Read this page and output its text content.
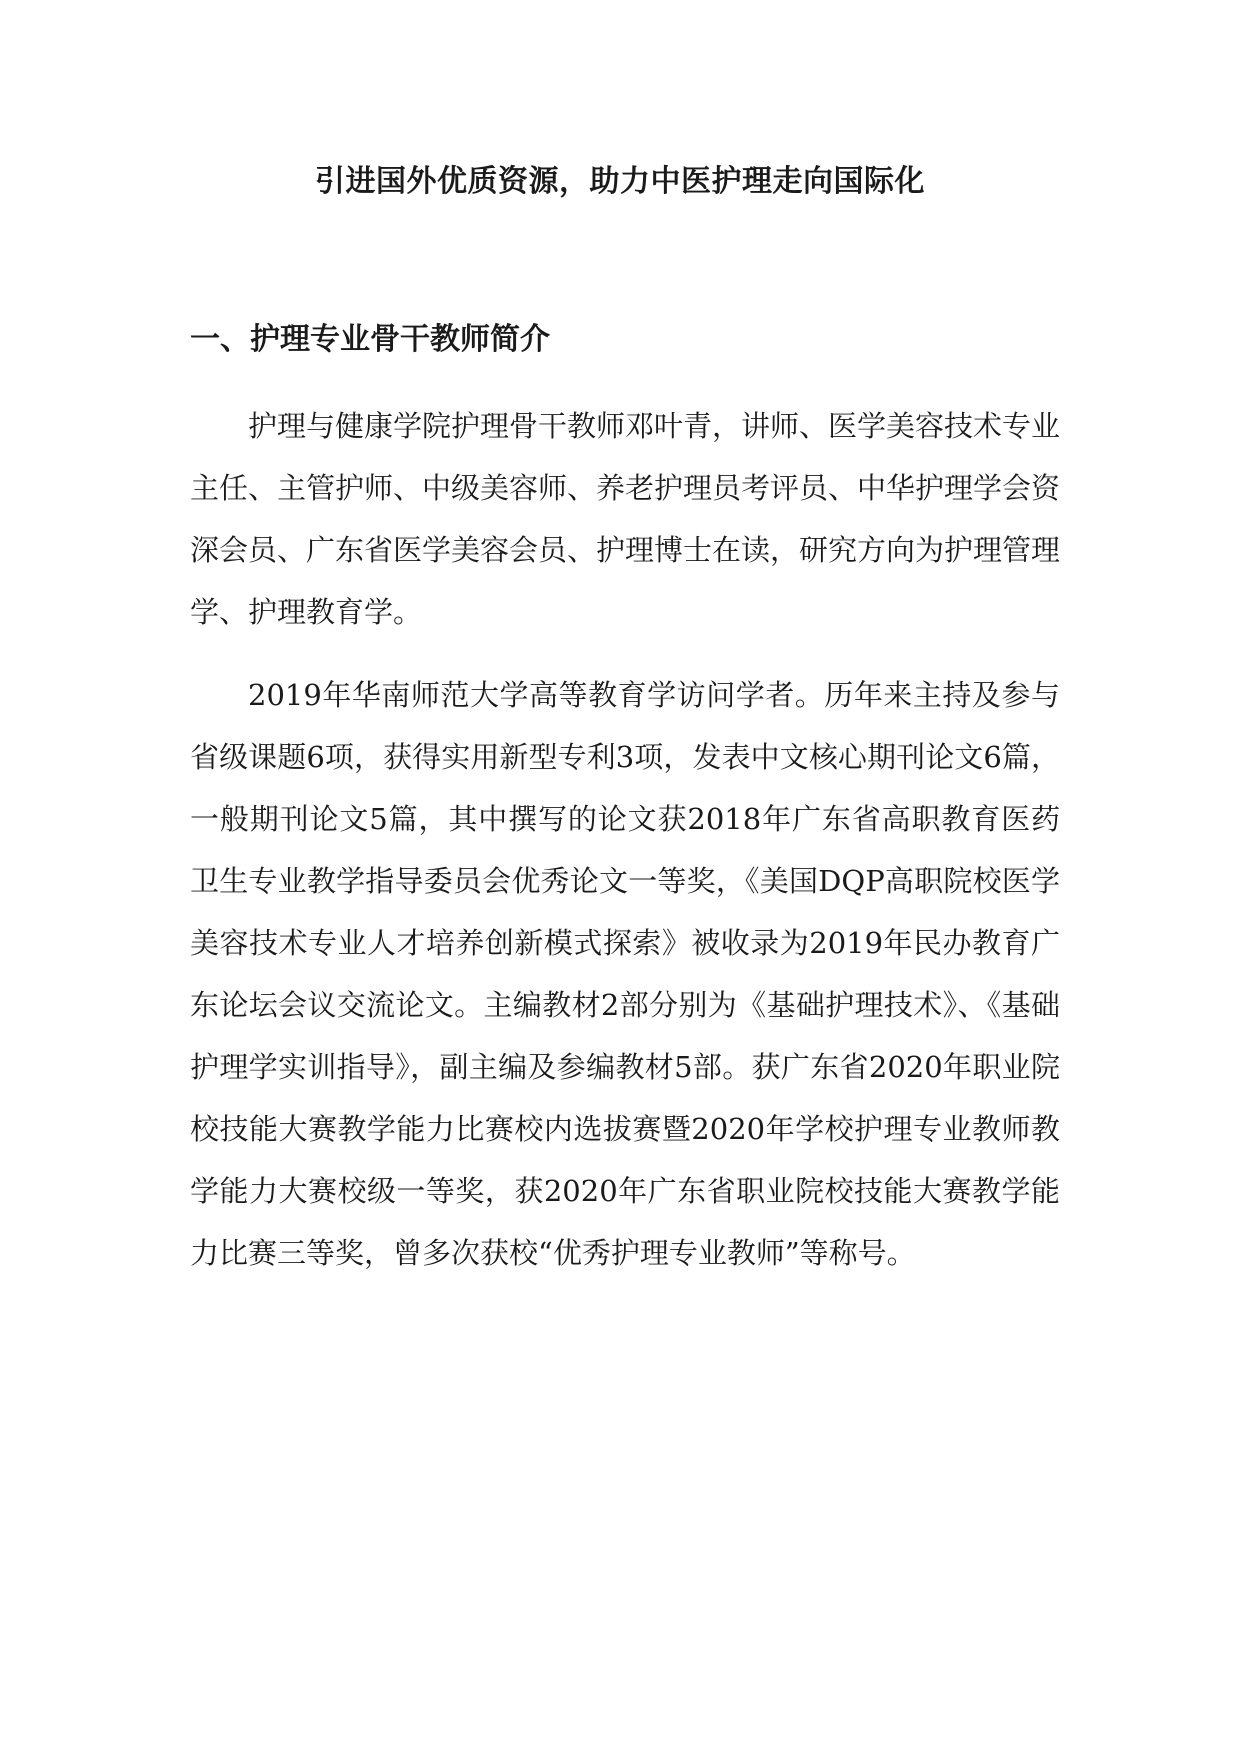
引进国外优质资源，助力中医护理走向国际化
一、护理专业骨干教师简介

护理与健康学院护理骨干教师邓叶青，讲师、医学美容技术专业主任、主管护师、中级美容师、养老护理员考评员、中华护理学会资深会员、广东省医学美容会员、护理博士在读，研究方向为护理管理学、护理教育学。

2019年华南师范大学高等教育学访问学者。历年来主持及参与省级课题6项，获得实用新型专利3项，发表中文核心期刊论文6篇，一般期刊论文5篇，其中撰写的论文获2018年广东省高职教育医药卫生专业教学指导委员会优秀论文一等奖，《美国DQP高职院校医学美容技术专业人才培养创新模式探索》被收录为2019年民办教育广东论坛会议交流论文。主编教材2部分别为《基础护理技术》、《基础护理学实训指导》，副主编及参编教材5部。获广东省2020年职业院校技能大赛教学能力比赛校内选拔赛暨2020年学校护理专业教师教学能力大赛校级一等奖，获2020年广东省职业院校技能大赛教学能力比赛三等奖，曾多次获校“优秀护理专业教师”等称号。
